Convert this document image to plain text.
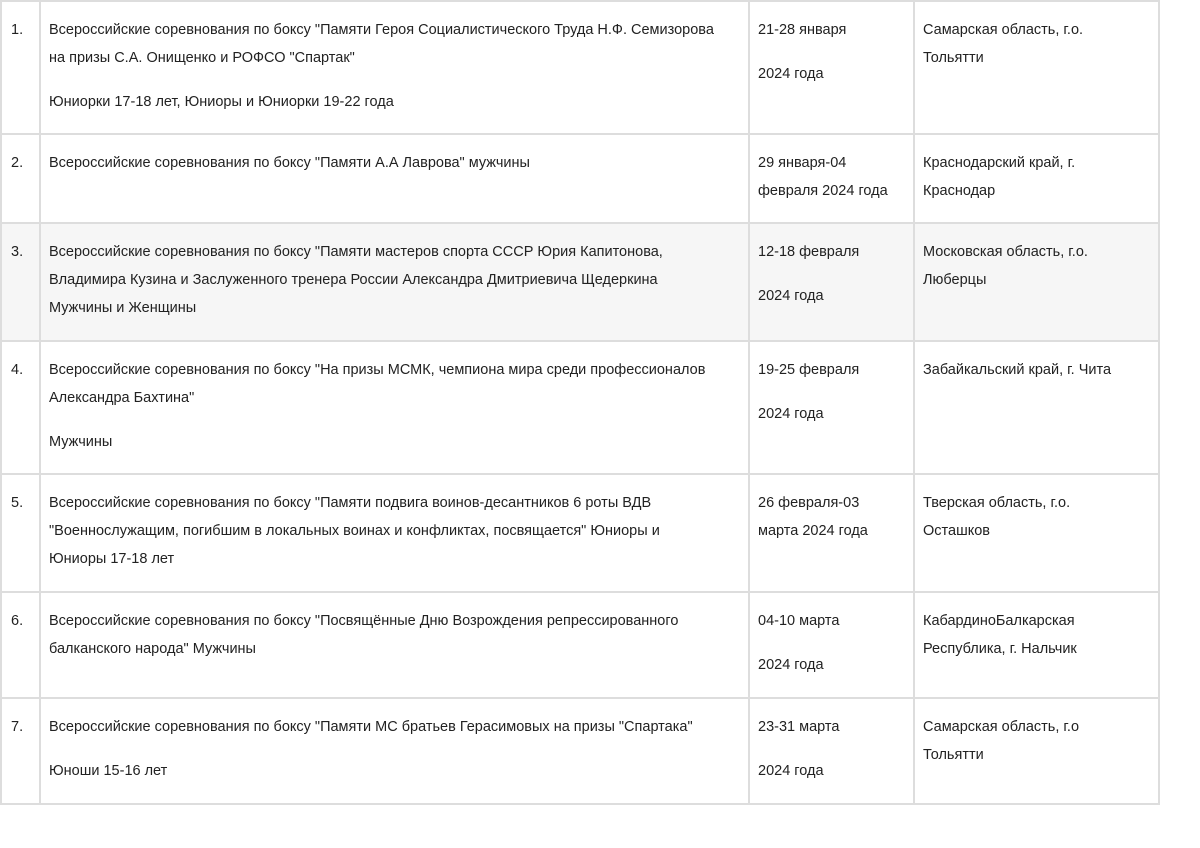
1.	Всероссийские соревнования по боксу "Памяти Героя Социалистического Труда Н.Ф. Семизорова
на призы С.А. Онищенко и РОФСО "Спартак"
Юниорки 17-18 лет, Юниоры и Юниорки 19-22 года	21-28 января
2024 года	Самарская область, г.о.
Тольятти

2.	Всероссийские соревнования по боксу "Памяти А.А Лаврова" мужчины	29 января-04
февраля 2024 года	Краснодарский край, г.
Краснодар

3.	Всероссийские соревнования по боксу "Памяти мастеров спорта СССР Юрия Капитонова,
Владимира Кузина и Заслуженного тренера России Александра Дмитриевича Щедеркина
Мужчины и Женщины	12-18 февраля
2024 года	Московская область, г.о.
Люберцы

4.	Всероссийские соревнования по боксу "На призы МСМК, чемпиона мира среди профессионалов
Александра Бахтина"
Мужчины	19-25 февраля
2024 года	Забайкальский край, г. Чита

5.	Всероссийские соревнования по боксу "Памяти подвига воинов-десантников 6 роты ВДВ
"Военнослужащим, погибшим в локальных воинах и конфликтах, посвящается" Юниоры и
Юниоры 17-18 лет	26 февраля-03
марта 2024 года	Тверская область, г.о.
Осташков

6.	Всероссийские соревнования по боксу "Посвящённые Дню Возрождения репрессированного
балканского народа" Мужчины	04-10 марта
2024 года	КабардиноБалкарская
Республика, г. Нальчик

7.	Всероссийские соревнования по боксу "Памяти МС братьев Герасимовых на призы "Спартака"
Юноши 15-16 лет	23-31 марта
2024 года	Самарская область, г.о
Тольятти
